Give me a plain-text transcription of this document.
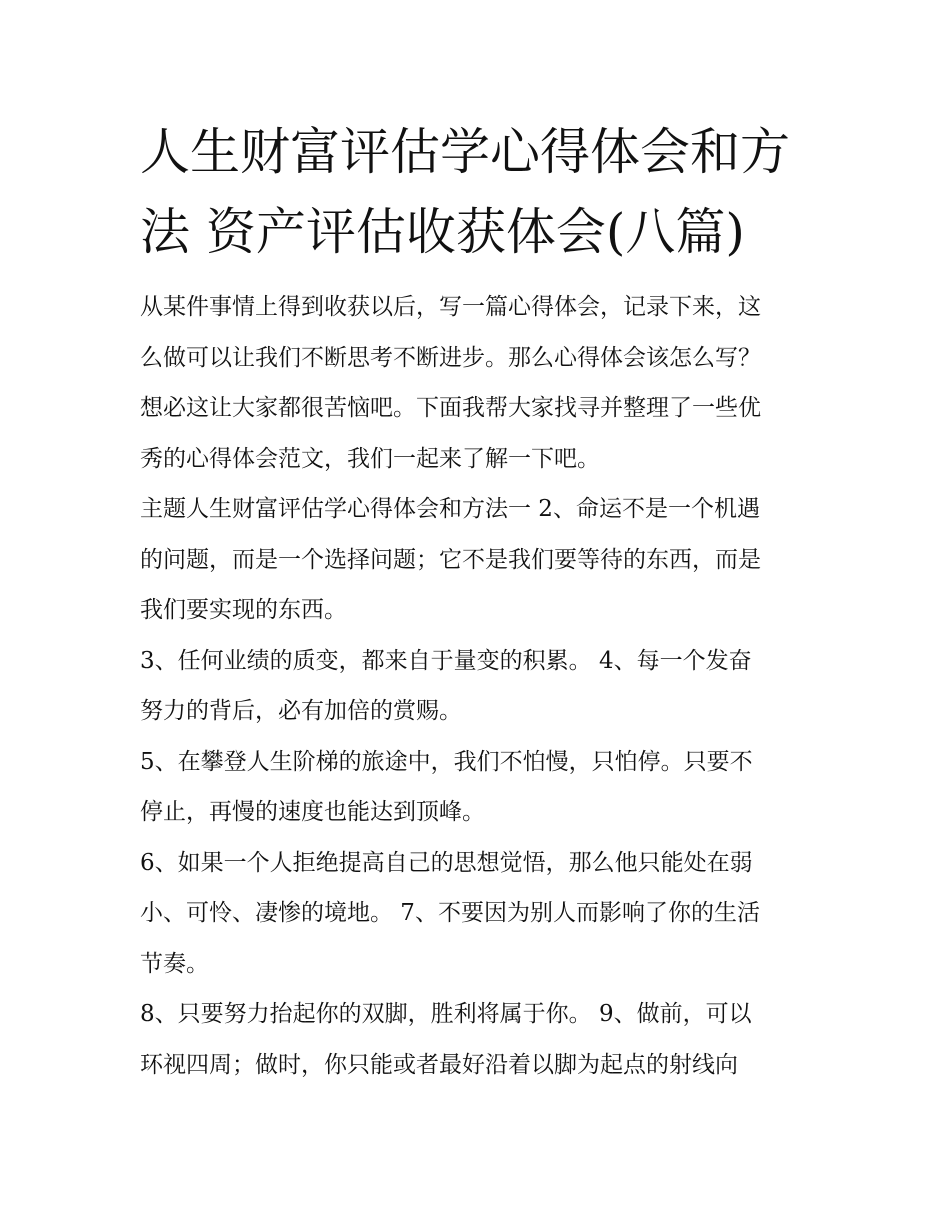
人生财富评估学心得体会和方
法 资产评估收获体会(八篇)

从某件事情上得到收获以后，写一篇心得体会，记录下来，这
么做可以让我们不断思考不断进步。那么心得体会该怎么写？
想必这让大家都很苦恼吧。下面我帮大家找寻并整理了一些优
秀的心得体会范文，我们一起来了解一下吧。

主题人生财富评估学心得体会和方法一 2、命运不是一个机遇
的问题，而是一个选择问题；它不是我们要等待的东西，而是
我们要实现的东西。

3、任何业绩的质变，都来自于量变的积累。 4、每一个发奋
努力的背后，必有加倍的赏赐。

5、在攀登人生阶梯的旅途中，我们不怕慢，只怕停。只要不
停止，再慢的速度也能达到顶峰。

6、如果一个人拒绝提高自己的思想觉悟，那么他只能处在弱
小、可怜、凄惨的境地。 7、不要因为别人而影响了你的生活
节奏。

8、只要努力抬起你的双脚，胜利将属于你。 9、做前，可以
环视四周；做时，你只能或者最好沿着以脚为起点的射线向
